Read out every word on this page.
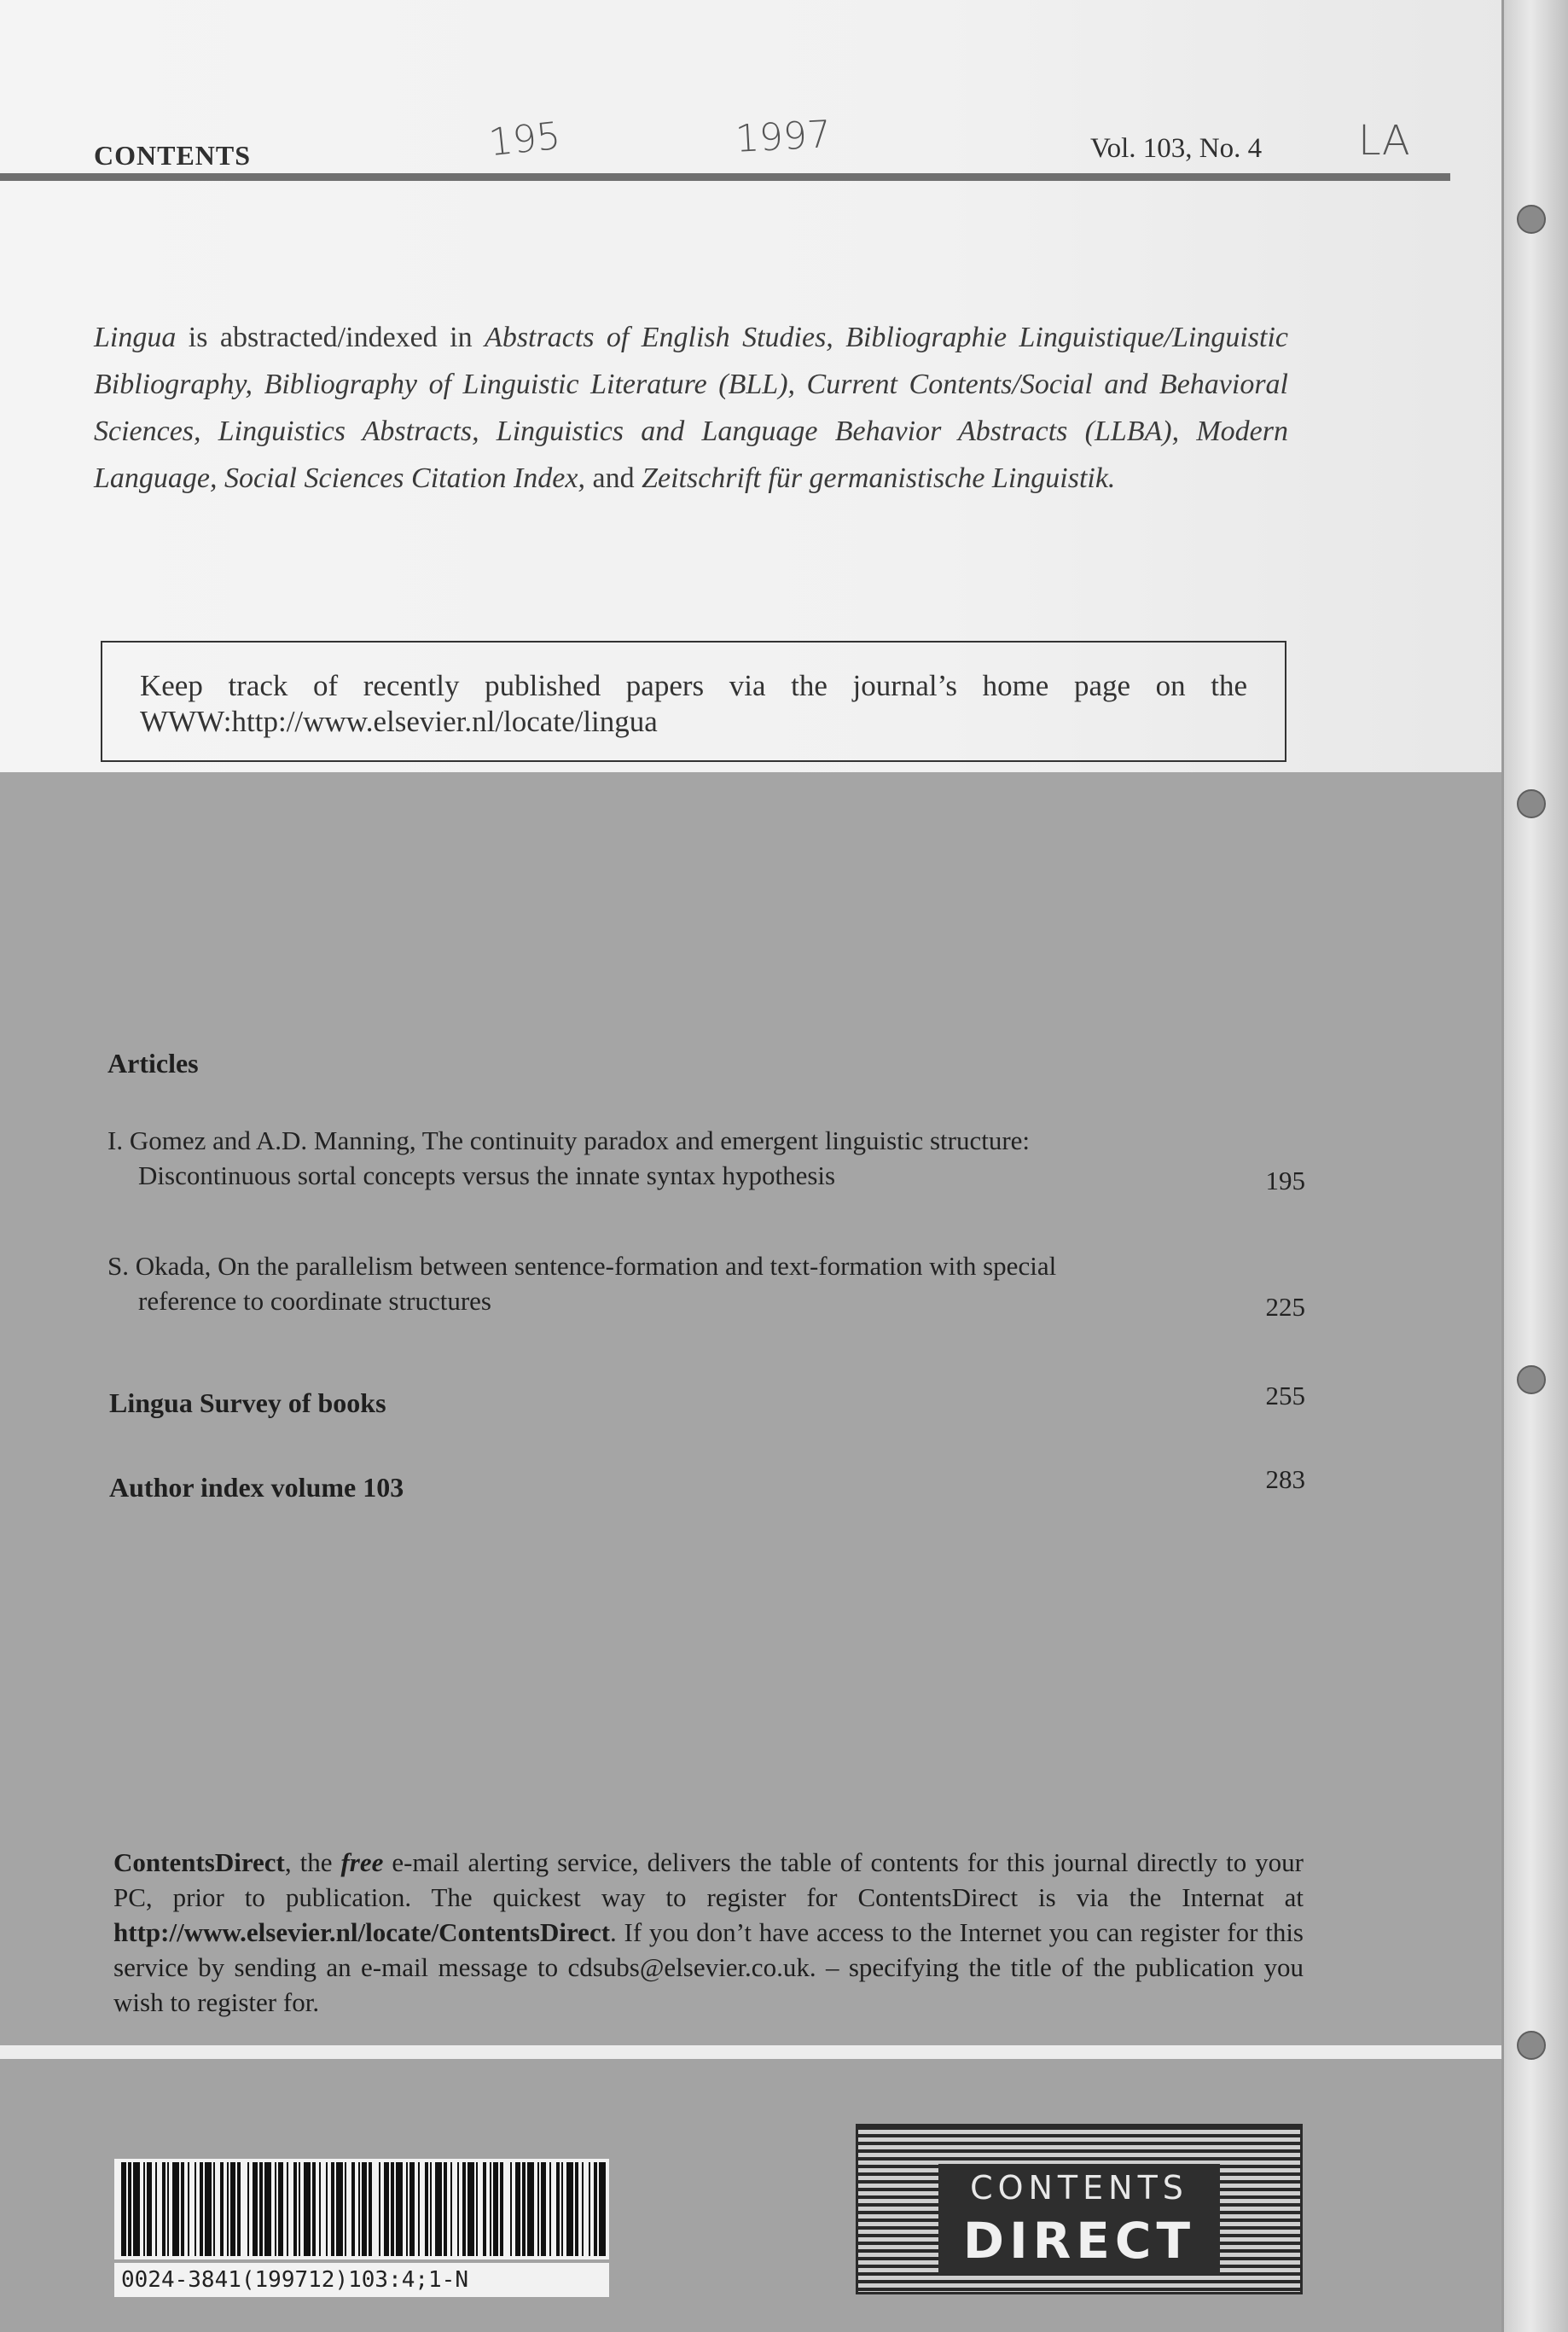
CONTENTS	195	1997	Vol. 103, No. 4 LA
Lingua is abstracted/indexed in Abstracts of English Studies, Bibliographie Linguistique/Linguistic Bibliography, Bibliography of Linguistic Literature (BLL), Current Contents/Social and Behavioral Sciences, Linguistics Abstracts, Linguistics and Language Behavior Abstracts (LLBA), Modern Language, Social Sciences Citation Index, and Zeitschrift für germanistische Linguistik.
Keep track of recently published papers via the journal’s home page on the WWW:http://www.elsevier.nl/locate/lingua
Articles
I. Gomez and A.D. Manning, The continuity paradox and emergent linguistic structure:
Discontinuous sortal concepts versus the innate syntax hypothesis	195
S. Okada, On the parallelism between sentence-formation and text-formation with special
reference to coordinate structures	225
Lingua Survey of books	255
Author index volume 103	283
ContentsDirect, the free e-mail alerting service, delivers the table of contents for this journal directly to your PC, prior to publication. The quickest way to register for ContentsDirect is via the Internat at http://www.elsevier.nl/locate/ContentsDirect. If you don’t have access to the Internet you can register for this service by sending an e-mail message to cdsubs@elsevier.co.uk. – specifying the title of the publication you wish to register for.
0024-3841(199712)103:4;1-N
CONTENTS
DIRECT
